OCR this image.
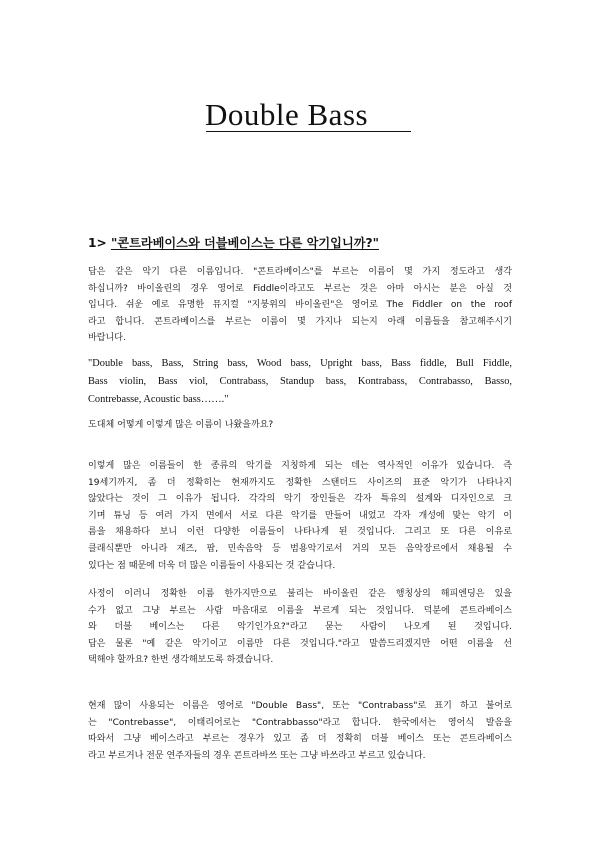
Double Bass
1> "콘트라베이스와 더블베이스는 다른 악기입니까?"
답은 같은 악기 다른 이름입니다. "콘트라베이스"를 부르는 이름이 몇 가지 정도라고 생각
하십니까? 바이올린의 경우 영어로 Fiddle이라고도 부르는 것은 아마 아시는 분은 아실 것
입니다. 쉬운 예로 유명한 뮤지컬 "지붕위의 바이올린"은 영어로 The Fiddler on the roof
라고 합니다. 콘트라베이스를 부르는 이름이 몇 가지나 되는지 아래 이름들을 참고해주시기
바랍니다.
"Double bass, Bass, String bass, Wood bass, Upright bass, Bass fiddle, Bull Fiddle,
Bass violin, Bass viol, Contrabass, Standup bass, Kontrabass, Contrabasso, Basso,
Contrebasse, Acoustic bass……."
도대체 어떻게 이렇게 많은 이름이 나왔을까요?
이렇게 많은 이름들이 한 종류의 악기를 지칭하게 되는 데는 역사적인 이유가 있습니다. 즉
19세기까지, 좀 더 정확히는 현재까지도 정확한 스탠더드 사이즈의 표준 악기가 나타나지
않았다는 것이 그 이유가 됩니다. 각각의 악기 장인들은 각자 특유의 설계와 디자인으로 크
기며 튜닝 등 여러 가지 면에서 서로 다른 악기를 만들어 내었고 각자 개성에 맞는 악기 이
름을 채용하다 보니 이런 다양한 이름들이 나타나게 된 것입니다. 그리고 또 다른 이유로
클래식뿐만 아니라 재즈, 팝, 민속음악 등 범용악기로서 거의 모든 음악장르에서 채용될 수
있다는 점 때문에 더욱 더 많은 이름들이 사용되는 것 같습니다.
사정이 이러니 정확한 이름 한가지만으로 불리는 바이올린 같은 행칭상의 해피엔딩은 있을
수가 없고 그냥 부르는 사람 마음대로 이름을 부르게 되는 것입니다. 덕분에 콘트라베이스
와 더블 베이스는 다른 악기인가요?"라고 묻는 사람이 나오게 된 것입니다.
답은 물론 "예 같은 악기이고 이름만 다른 것입니다."라고 말씀드리겠지만 어떤 이름을 선
택해야 할까요? 한번 생각해보도록 하겠습니다.
현재 많이 사용되는 이름은 영어로 "Double Bass", 또는 "Contrabass"로 표기 하고 불어로
는 "Contrebasse", 이태리어로는 "Contrabbasso"라고 합니다. 한국에서는 영어식 발음을
따와서 그냥 베이스라고 부르는 경우가 있고 좀 더 정확히 더블 베이스 또는 콘트라베이스
라고 부르거나 전문 연주자들의 경우 콘트라바쓰 또는 그냥 바쓰라고 부르고 있습니다.
